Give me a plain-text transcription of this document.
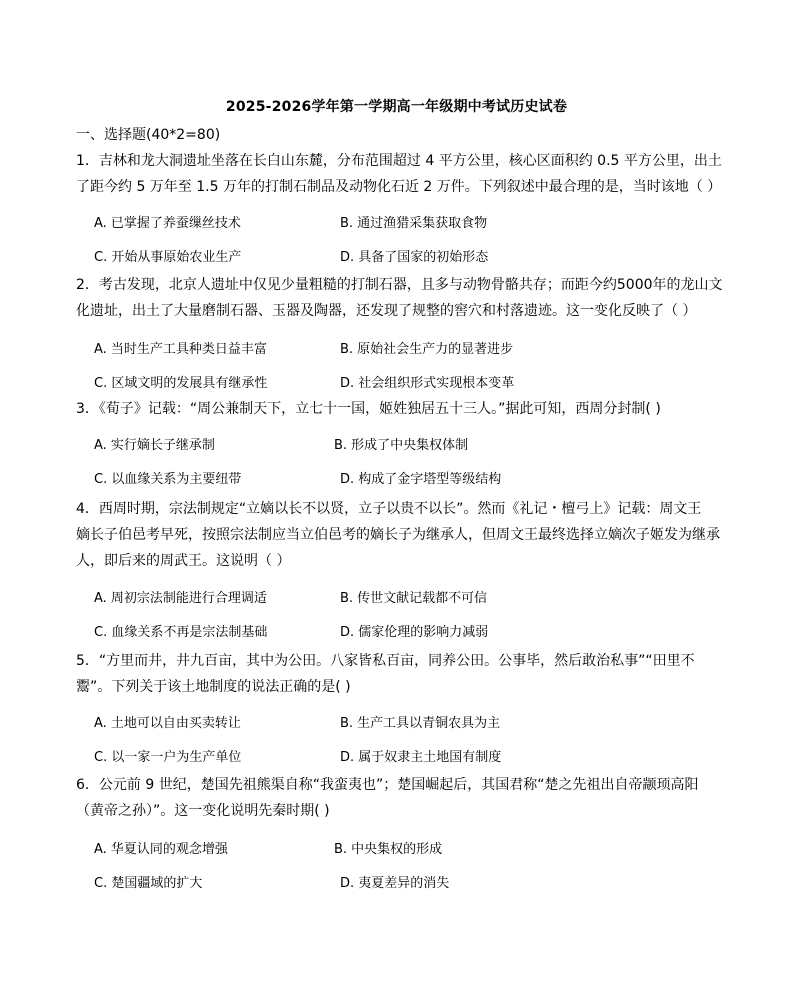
2025-2026学年第一学期高一年级期中考试历史试卷
一、选择题(40*2=80)
1．吉林和龙大洞遗址坐落在长白山东麓，分布范围超过 4 平方公里，核心区面积约 0.5 平方公里，出土
了距今约 5 万年至 1.5 万年的打制石制品及动物化石近 2 万件。下列叙述中最合理的是，当时该地（ ）
A. 已掌握了养蚕缫丝技术	B. 通过渔猎采集获取食物
C. 开始从事原始农业生产	D. 具备了国家的初始形态
2．考古发现，北京人遗址中仅见少量粗糙的打制石器，且多与动物骨骼共存；而距今约5000年的龙山文
化遗址，出土了大量磨制石器、玉器及陶器，还发现了规整的窖穴和村落遗迹。这一变化反映了（ ）
A. 当时生产工具种类日益丰富	B. 原始社会生产力的显著进步
C. 区域文明的发展具有继承性	D. 社会组织形式实现根本变革
3．《荀子》记载：“周公兼制天下，立七十一国，姬姓独居五十三人。”据此可知，西周分封制( )
A. 实行嫡长子继承制	B. 形成了中央集权体制
C. 以血缘关系为主要纽带	D. 构成了金字塔型等级结构
4．西周时期，宗法制规定“立嫡以长不以贤，立子以贵不以长”。然而《礼记・檀弓上》记载：周文王
嫡长子伯邑考早死，按照宗法制应当立伯邑考的嫡长子为继承人，但周文王最终选择立嫡次子姬发为继承
人，即后来的周武王。这说明（ ）
A. 周初宗法制能进行合理调适	B. 传世文献记载都不可信
C. 血缘关系不再是宗法制基础	D. 儒家伦理的影响力减弱
5．“方里而井，井九百亩，其中为公田。八家皆私百亩，同养公田。公事毕，然后敢治私事”“田里不
鬻”。下列关于该土地制度的说法正确的是( )
A. 土地可以自由买卖转让	B. 生产工具以青铜农具为主
C. 以一家一户为生产单位	D. 属于奴隶主土地国有制度
6．公元前 9 世纪，楚国先祖熊渠自称“我蛮夷也”；楚国崛起后，其国君称“楚之先祖出自帝颛顼高阳
（黄帝之孙）”。这一变化说明先秦时期( )
A. 华夏认同的观念增强	B. 中央集权的形成
C. 楚国疆域的扩大	D. 夷夏差异的消失
